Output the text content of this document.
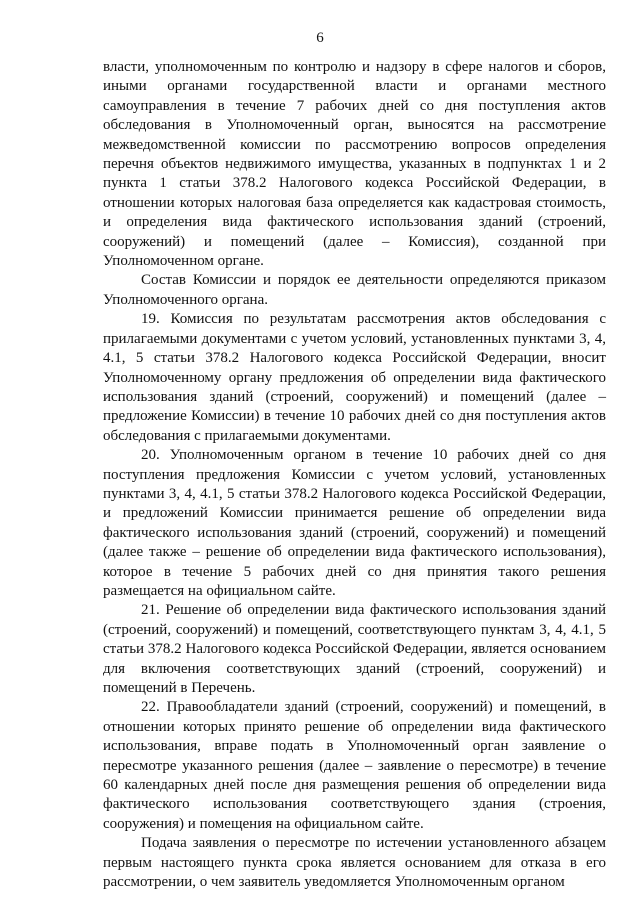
6

власти, уполномоченным по контролю и надзору в сфере налогов и сборов, иными органами государственной власти и органами местного самоуправления в течение 7 рабочих дней со дня поступления актов обследования в Уполномоченный орган, выносятся на рассмотрение межведомственной комиссии по рассмотрению вопросов определения перечня объектов недвижимого имущества, указанных в подпунктах 1 и 2 пункта 1 статьи 378.2 Налогового кодекса Российской Федерации, в отношении которых налоговая база определяется как кадастровая стоимость, и определения вида фактического использования зданий (строений, сооружений) и помещений (далее – Комиссия), созданной при Уполномоченном органе.

Состав Комиссии и порядок ее деятельности определяются приказом Уполномоченного органа.

19. Комиссия по результатам рассмотрения актов обследования с прилагаемыми документами с учетом условий, установленных пунктами 3, 4, 4.1, 5 статьи 378.2 Налогового кодекса Российской Федерации, вносит Уполномоченному органу предложения об определении вида фактического использования зданий (строений, сооружений) и помещений (далее – предложение Комиссии) в течение 10 рабочих дней со дня поступления актов обследования с прилагаемыми документами.

20. Уполномоченным органом в течение 10 рабочих дней со дня поступления предложения Комиссии с учетом условий, установленных пунктами 3, 4, 4.1, 5 статьи 378.2 Налогового кодекса Российской Федерации, и предложений Комиссии принимается решение об определении вида фактического использования зданий (строений, сооружений) и помещений (далее также – решение об определении вида фактического использования), которое в течение 5 рабочих дней со дня принятия такого решения размещается на официальном сайте.

21. Решение об определении вида фактического использования зданий (строений, сооружений) и помещений, соответствующего пунктам 3, 4, 4.1, 5 статьи 378.2 Налогового кодекса Российской Федерации, является основанием для включения соответствующих зданий (строений, сооружений) и помещений в Перечень.

22. Правообладатели зданий (строений, сооружений) и помещений, в отношении которых принято решение об определении вида фактического использования, вправе подать в Уполномоченный орган заявление о пересмотре указанного решения (далее – заявление о пересмотре) в течение 60 календарных дней после дня размещения решения об определении вида фактического использования соответствующего здания (строения, сооружения) и помещения на официальном сайте.

Подача заявления о пересмотре по истечении установленного абзацем первым настоящего пункта срока является основанием для отказа в его рассмотрении, о чем заявитель уведомляется Уполномоченным органом
